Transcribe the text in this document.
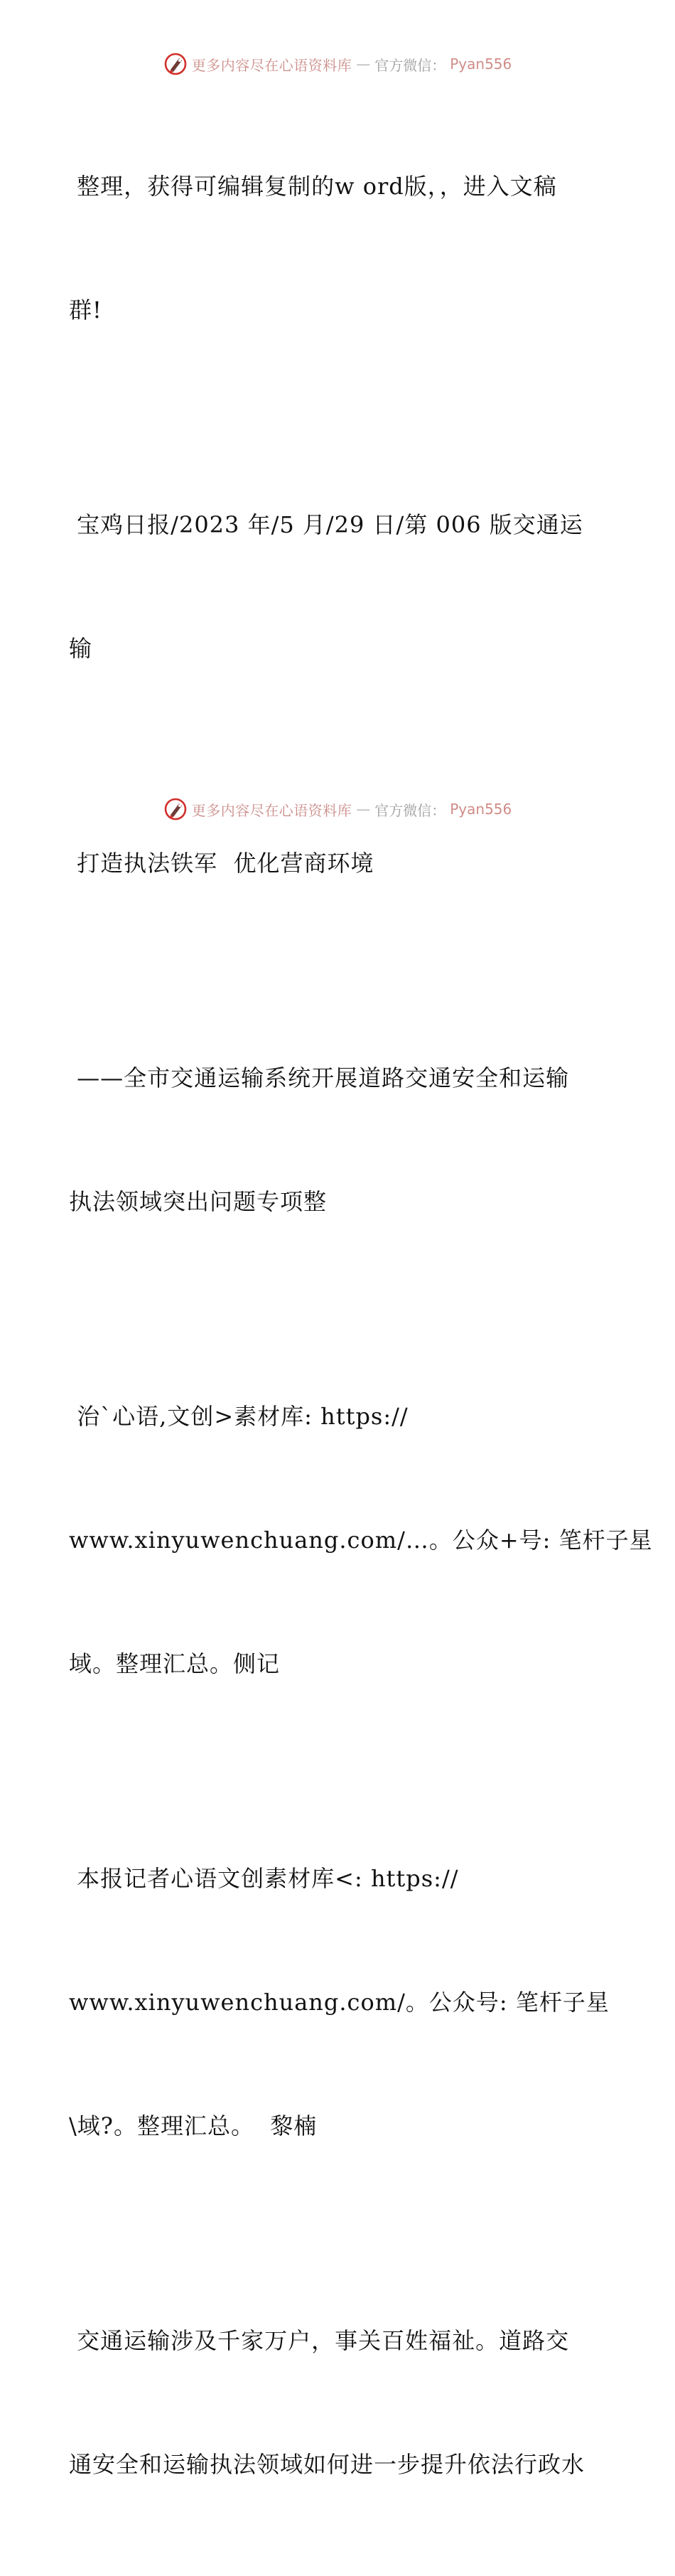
更多内容尽在心语资料库 — 官方微信： Pyan556

整理，获得可编辑复制的w ord版，，进入文稿

群!

宝鸡日报/2023 年/5 月/29 日/第 006 版交通运

输

打造执法铁军  优化营商环境

——全市交通运输系统开展道路交通安全和运输

执法领域突出问题专项整

治`心语,文创>素材库: https://

www.xinyuwenchuang.com/…。公众+号: 笔杆子星

域。整理汇总。侧记

本报记者心语文创素材库<: https://

www.xinyuwenchuang.com/。公众号: 笔杆子星

\域?。整理汇总。  黎楠

交通运输涉及千家万户，事关百姓福祉。道路交

通安全和运输执法领域如何进一步提升依法行政水

更多内容尽在心语资料库 — 官方微信： Pyan556
